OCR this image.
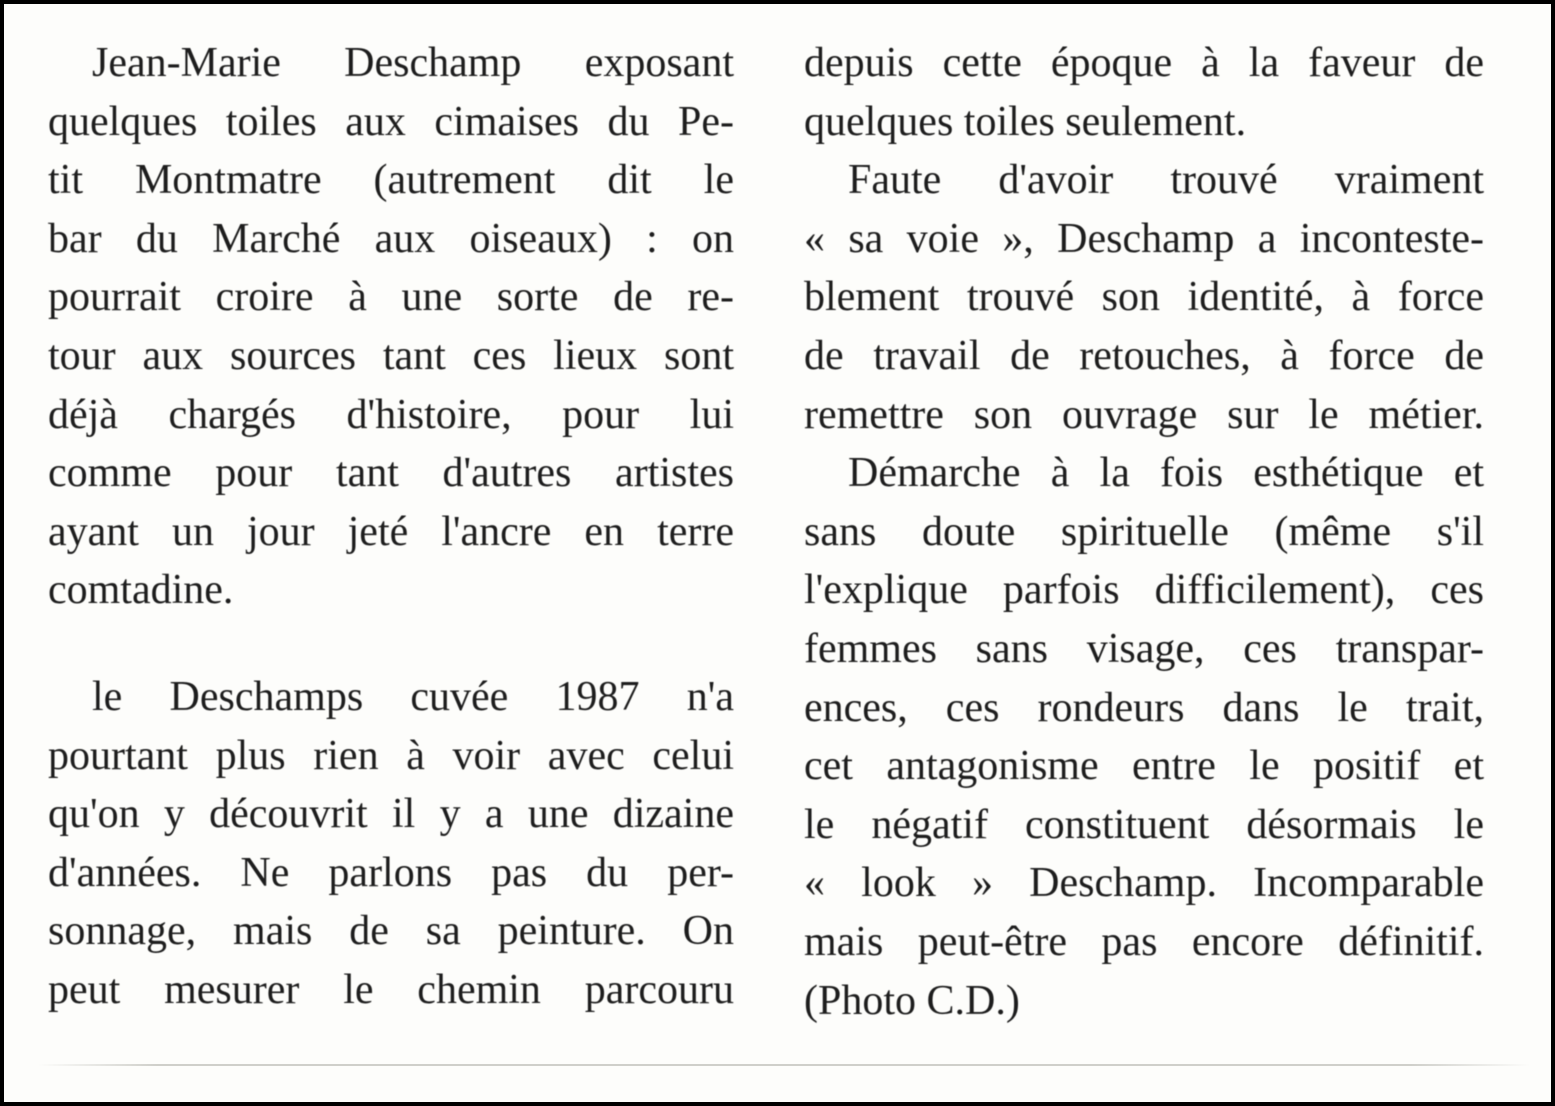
Jean-Marie Deschamp exposant
quelques toiles aux cimaises du Pe-
tit Montmatre (autrement dit le
bar du Marché aux oiseaux) : on
pourrait croire à une sorte de re-
tour aux sources tant ces lieux sont
déjà chargés d'histoire, pour lui
comme pour tant d'autres artistes
ayant un jour jeté l'ancre en terre
comtadine.
le Deschamps cuvée 1987 n'a
pourtant plus rien à voir avec celui
qu'on y découvrit il y a une dizaine
d'années. Ne parlons pas du per-
sonnage, mais de sa peinture. On
peut mesurer le chemin parcouru
depuis cette époque à la faveur de
quelques toiles seulement.
Faute d'avoir trouvé vraiment
« sa voie », Deschamp a inconteste-
blement trouvé son identité, à force
de travail de retouches, à force de
remettre son ouvrage sur le métier.
Démarche à la fois esthétique et
sans doute spirituelle (même s'il
l'explique parfois difficilement), ces
femmes sans visage, ces transpar-
ences, ces rondeurs dans le trait,
cet antagonisme entre le positif et
le négatif constituent désormais le
« look » Deschamp. Incomparable
mais peut-être pas encore définitif.
(Photo C.D.)
